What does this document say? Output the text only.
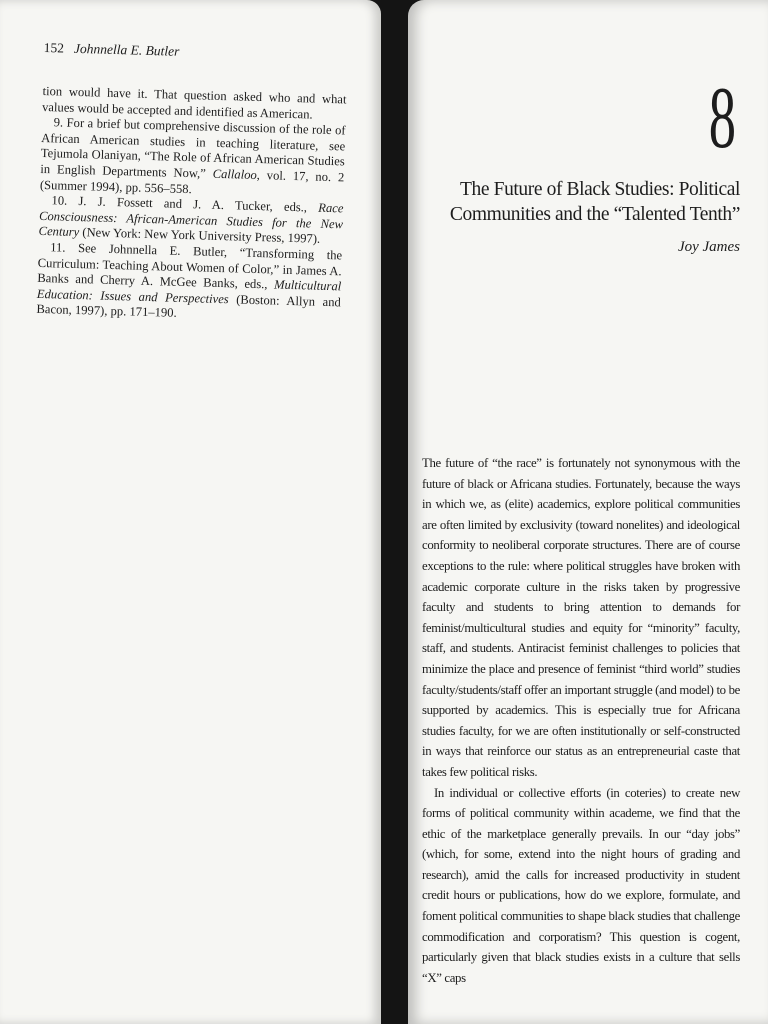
152 Johnnella E. Butler

tion would have it. That question asked who and what values would be accepted and identified as American.

9. For a brief but comprehensive discussion of the role of African American studies in teaching literature, see Tejumola Olaniyan, “The Role of African American Studies in English Departments Now,” Callaloo, vol. 17, no. 2 (Summer 1994), pp. 556–558.

10. J. J. Fossett and J. A. Tucker, eds., Race Consciousness: African-American Studies for the New Century (New York: New York University Press, 1997).

11. See Johnnella E. Butler, “Transforming the Curriculum: Teaching About Women of Color,” in James A. Banks and Cherry A. McGee Banks, eds., Multicultural Education: Issues and Perspectives (Boston: Allyn and Bacon, 1997), pp. 171–190.

8
The Future of Black Studies: Political
Communities and the “Talented Tenth”
Joy James

The future of “the race” is fortunately not synonymous with the future of black or Africana studies. Fortunately, because the ways in which we, as (elite) academics, explore political communities are often limited by exclusivity (toward nonelites) and ideological conformity to neoliberal corporate structures. There are of course exceptions to the rule: where political struggles have broken with academic corporate culture in the risks taken by progressive faculty and students to bring attention to demands for feminist/multicultural studies and equity for “minority” faculty, staff, and students. Antiracist feminist challenges to policies that minimize the place and presence of feminist “third world” studies faculty/students/staff offer an important struggle (and model) to be supported by academics. This is especially true for Africana studies faculty, for we are often institutionally or self-constructed in ways that reinforce our status as an entrepreneurial caste that takes few political risks.

In individual or collective efforts (in coteries) to create new forms of political community within academe, we find that the ethic of the marketplace generally prevails. In our “day jobs” (which, for some, extend into the night hours of grading and research), amid the calls for increased productivity in student credit hours or publications, how do we explore, formulate, and foment political communities to shape black studies that challenge commodification and corporatism? This question is cogent, particularly given that black studies exists in a culture that sells “X” caps
